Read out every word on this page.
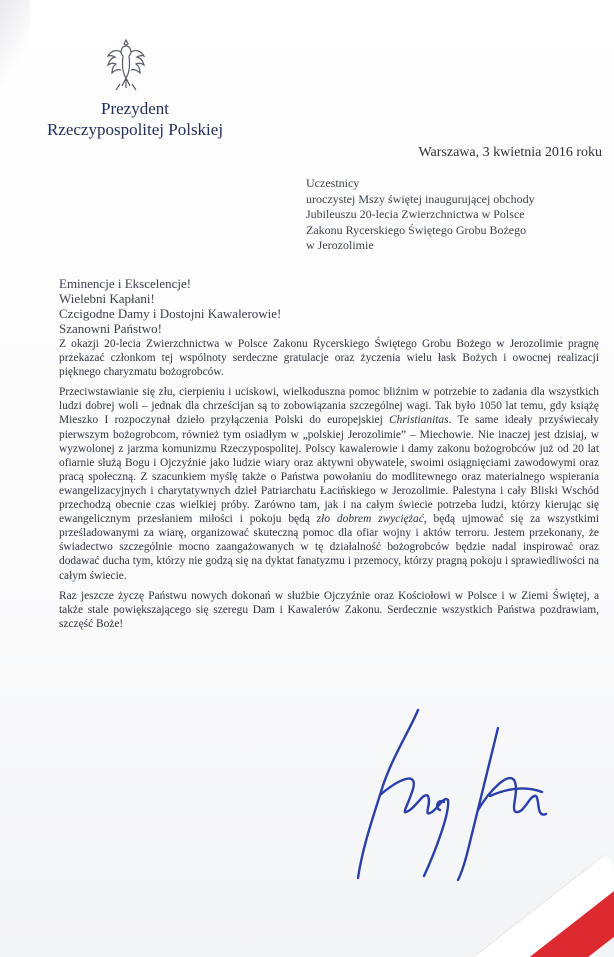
Prezydent
Rzeczypospolitej Polskiej
Warszawa, 3 kwietnia 2016 roku
Uczestnicy
uroczystej Mszy świętej inaugurującej obchody
Jubileuszu 20-lecia Zwierzchnictwa w Polsce
Zakonu Rycerskiego Świętego Grobu Bożego
w Jerozolimie
Eminencje i Ekscelencje!
Wielebni Kapłani!
Czcigodne Damy i Dostojni Kawalerowie!
Szanowni Państwo!

Z okazji 20-lecia Zwierzchnictwa w Polsce Zakonu Rycerskiego Świętego Grobu Bożego w Jerozolimie pragnę przekazać członkom tej wspólnoty serdeczne gratulacje oraz życzenia wielu łask Bożych i owocnej realizacji pięknego charyzmatu bożogrobców.

Przeciwstawianie się złu, cierpieniu i uciskowi, wielkoduszna pomoc bliźnim w potrzebie to zadania dla wszystkich ludzi dobrej woli – jednak dla chrześcijan są to zobowiązania szczególnej wagi. Tak było 1050 lat temu, gdy książę Mieszko I rozpoczynał dzieło przyłączenia Polski do europejskiej Christianitas. Te same ideały przyświecały pierwszym bożogrobcom, również tym osiadłym w „polskiej Jerozolimie” – Miechowie. Nie inaczej jest dzisiaj, w wyzwolonej z jarzma komunizmu Rzeczypospolitej. Polscy kawalerowie i damy zakonu bożogrobców już od 20 lat ofiarnie służą Bogu i Ojczyźnie jako ludzie wiary oraz aktywni obywatele, swoimi osiągnięciami zawodowymi oraz pracą społeczną. Z szacunkiem myślę także o Państwa powołaniu do modlitewnego oraz materialnego wspierania ewangelizacyjnych i charytatywnych dzieł Patriarchatu Łacińskiego w Jerozolimie. Palestyna i cały Bliski Wschód przechodzą obecnie czas wielkiej próby. Zarówno tam, jak i na całym świecie potrzeba ludzi, którzy kierując się ewangelicznym przesłaniem miłości i pokoju będą zło dobrem zwyciężać, będą ujmować się za wszystkimi prześladowanymi za wiarę, organizować skuteczną pomoc dla ofiar wojny i aktów terroru. Jestem przekonany, że świadectwo szczególnie mocno zaangażowanych w tę działalność bożogrobców będzie nadal inspirować oraz dodawać ducha tym, którzy nie godzą się na dyktat fanatyzmu i przemocy, którzy pragną pokoju i sprawiedliwości na całym świecie.

Raz jeszcze życzę Państwu nowych dokonań w służbie Ojczyźnie oraz Kościołowi w Polsce i w Ziemi Świętej, a także stale powiększającego się szeregu Dam i Kawalerów Zakonu. Serdecznie wszystkich Państwa pozdrawiam, szczęść Boże!
